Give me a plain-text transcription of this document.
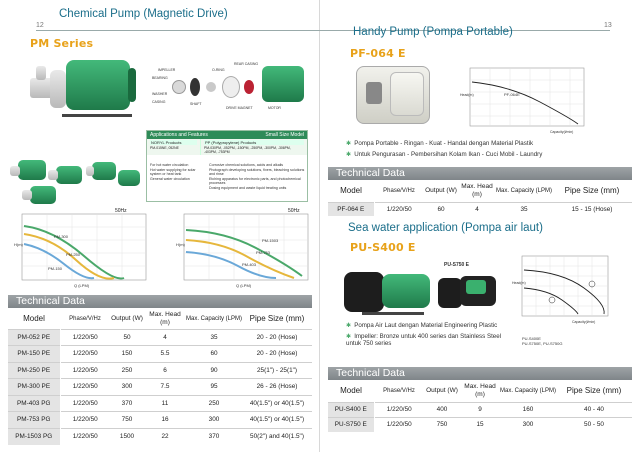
12
Chemical Pump (Magnetic Drive)
PM Series
IMPELLER
BEARING
WASHER
CASING
O-RING
SHAFT
REAR CASING
DRIVE MAGNET	MOTOR
Applications and Features	Small Size Model
NORYL Products
PM-015NE, 052NE
PP (Polypropylene) Products
PM-030PM, -052PM, -150PM, -250PM, -300PM, -306PM, -403PM, -753PM
For hot water circulation
Hot water supplying for solar system or heat tank
General water circulation
Corrosive chemical solutions, acids and alkalis
Photograph developing solutions, fixers, bleaching solutions and rinse
Etching apparatus for electronic parts, and photochemical processes
Dosing equipment and waste liquid treating units
50Hz
PM-300
PM-250
PM-150
Q (LPM)
H(m)
50Hz
PM-1503
PM-753
PM-403
Q (LPM)
H(m)
Technical Data
Model	Phase/V/Hz	Output (W)	Max. Head (m)	Max. Capacity (LPM)	Pipe Size (mm)
PM-052 PE	1/220/50	50	4	35	20 - 20 (Hose)
PM-150 PE	1/220/50	150	5.5	60	20 - 20 (Hose)
PM-250 PE	1/220/50	250	6	90	25(1") - 25(1")
PM-300 PE	1/220/50	300	7.5	95	26 - 26 (Hose)
PM-403 PG	1/220/50	370	11	250	40(1.5") or 40(1.5")
PM-753 PG	1/220/50	750	16	300	40(1.5") or 40(1.5")
PM-1503 PG	1/220/50	1500	22	370	50(2") and 40(1.5")
13
Handy Pump (Pompa Portable)
PF-064 E
PF-064E
Head(m)
Capacity(l/min)
✱ Pompa Portable - Ringan - Kuat - Handal dengan Material Plastik
✱ Untuk Pengurasan - Pembersihan Kolam Ikan - Cuci Mobil - Laundry
Technical Data
Model	Phase/V/Hz	Output (W)	Max. Head (m)	Max. Capacity (LPM)	Pipe Size (mm)
PF-064 E	1/220/50	60	4	35	15 - 15 (Hose)
Sea water application (Pompa air laut)
PU-S400 E
PU-S750 E
Head(m)
Capacity(l/min)
PU-S400E
PU-S750E, PU-S750G
✱ Pompa Air Laut dengan Material Engineering Plastic
✱ Impeller: Bronze untuk 400 series dan Stainless Steel untuk 750 series
Technical Data
Model	Phase/V/Hz	Output (W)	Max. Head (m)	Max. Capacity (LPM)	Pipe Size (mm)
PU-S400 E	1/220/50	400	9	160	40 - 40
PU-S750 E	1/220/50	750	15	300	50 - 50
